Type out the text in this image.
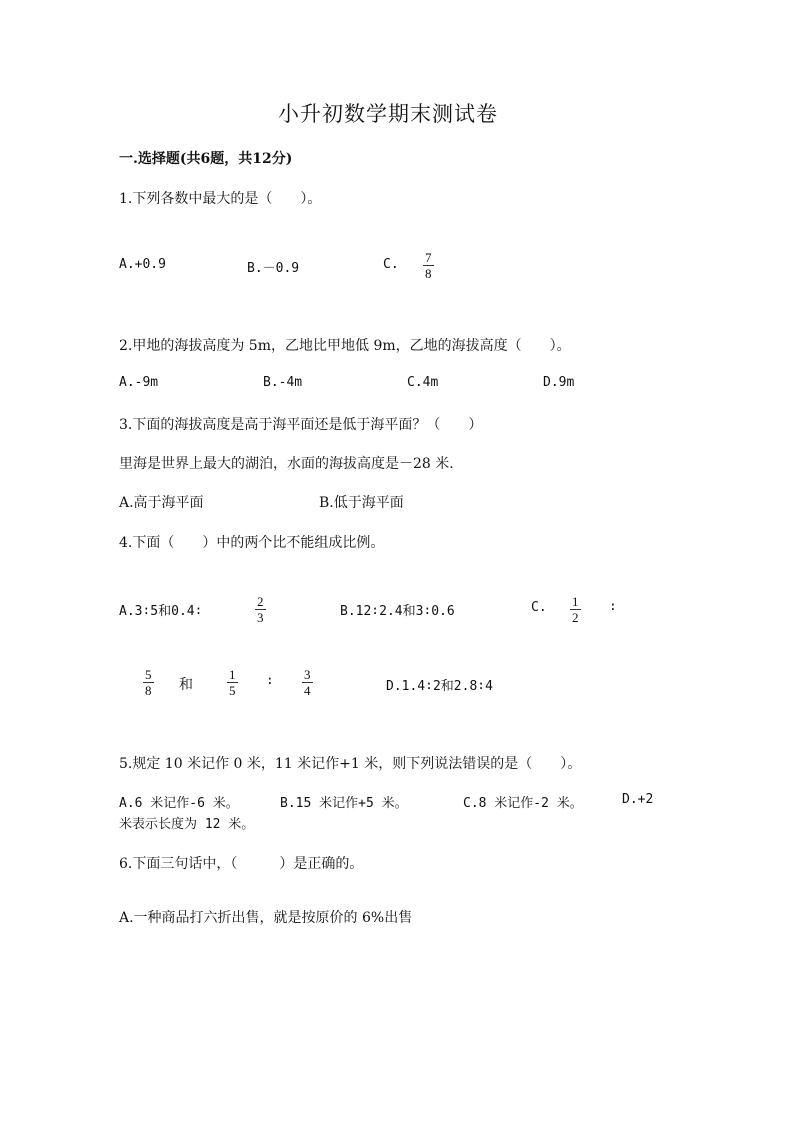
小升初数学期末测试卷
一.选择题(共6题，共12分)
1.下列各数中最大的是（　　）。
A.+0.9	B.－0.9	C. $\frac{7}{8}$
2.甲地的海拔高度为 5m，乙地比甲地低 9m，乙地的海拔高度（　　）。
A.-9m	B.-4m	C.4m	D.9m
3.下面的海拔高度是高于海平面还是低于海平面？（　　）
里海是世界上最大的湖泊，水面的海拔高度是－28 米.
A.高于海平面	B.低于海平面
4.下面（　　）中的两个比不能组成比例。
A.3∶5和0.4∶	$\frac{2}{3}$	B.12∶2.4和3∶0.6	C. $\frac{1}{2}$ ∶
$\frac{5}{8}$ 和	$\frac{1}{5}$ ∶ $\frac{3}{4}$	D.1.4∶2和2.8∶4
5.规定 10 米记作 0 米，11 米记作+1 米，则下列说法错误的是（　　）。
A.6 米记作-6 米。	B.15 米记作+5 米。	C.8 米记作-2 米。	D.+2
米表示长度为 12 米。
6.下面三句话中，（　　　）是正确的。
A.一种商品打六折出售，就是按原价的 6%出售
